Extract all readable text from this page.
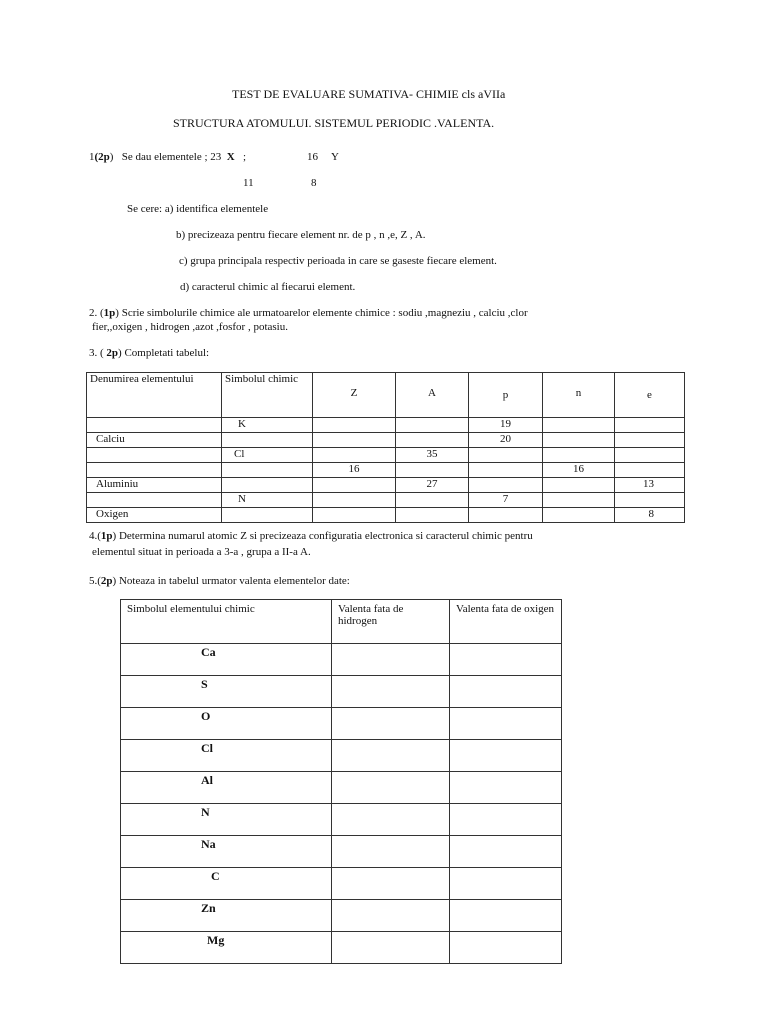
TEST DE EVALUARE SUMATIVA- CHIMIE cls aVIIa
STRUCTURA ATOMULUI. SISTEMUL PERIODIC .VALENTA.
1(2p) Se dau elementele ; 23 X ;	16 Y
11	8
Se cere: a) identifica elementele
b) precizeaza pentru fiecare element nr. de p , n ,e, Z , A.
c) grupa principala respectiv perioada in care se gaseste fiecare element.
d) caracterul chimic al fiecarui element.
2. (1p) Scrie simbolurile chimice ale urmatoarelor elemente chimice : sodiu ,magneziu , calciu ,clor
fier,,oxigen , hidrogen ,azot ,fosfor , potasiu.
3. ( 2p) Completati tabelul:
Denumirea elementului	Simbolul chimic	Z	A	p	n	e
	K			19		
Calciu				20		
	Cl		35			
		16			16	
Aluminiu			27			13
	N			7		
Oxigen						8
4.(1p) Determina numarul atomic Z si precizeaza configuratia electronica si caracterul chimic pentru
elementul situat in perioada a 3-a , grupa a II-a A.
5.(2p) Noteaza in tabelul urmator valenta elementelor date:
Simbolul elementului chimic	Valenta fata de hidrogen	Valenta fata de oxigen
Ca		
S		
O		
Cl		
Al		
N		
Na		
C		
Zn		
Mg		
